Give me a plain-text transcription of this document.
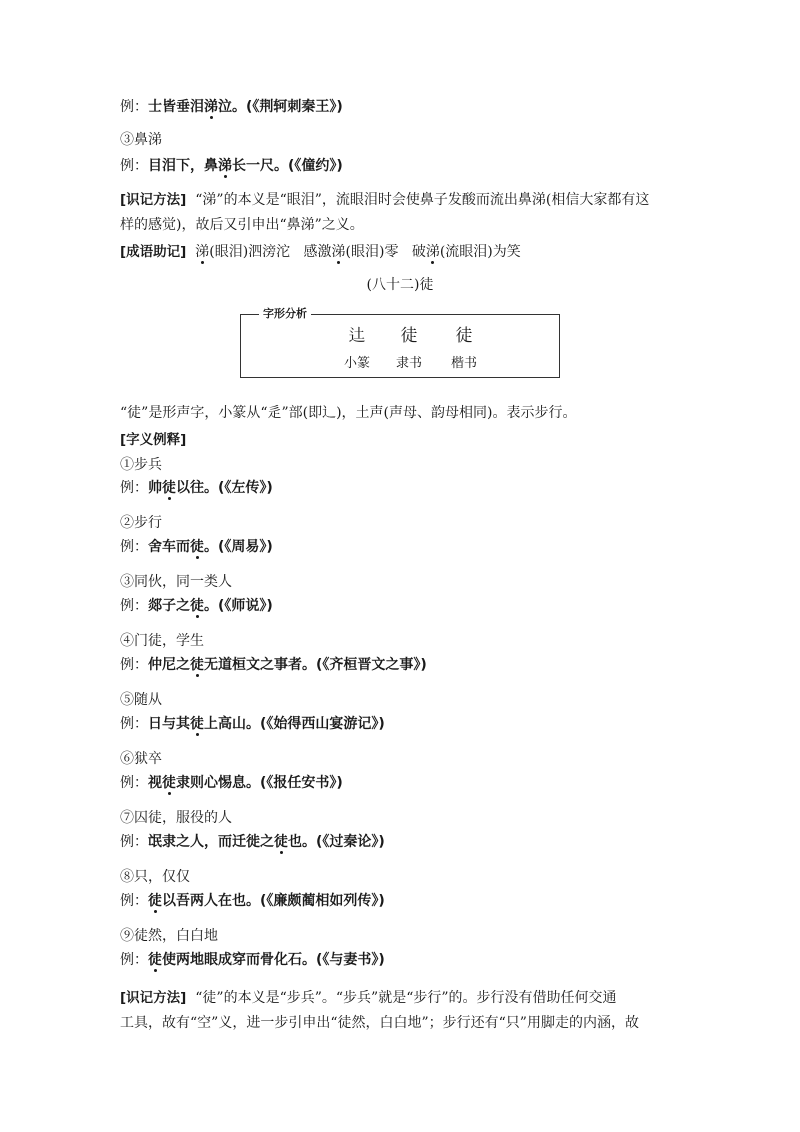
例：士皆垂泪涕泣。(《荆轲刺秦王》)
③鼻涕
例：目泪下，鼻涕长一尺。(《僮约》)
[识记方法] “涕”的本义是“眼泪”，流眼泪时会使鼻子发酸而流出鼻涕(相信大家都有这
样的感觉)，故后又引申出“鼻涕”之义。
[成语助记] 涕(眼泪)泗滂沱 感激涕(眼泪)零 破涕(流眼泪)为笑
(八十二)徒
字形分析
𨑒
小篆
徒
隶书
徒
楷书
“徒”是形声字，小篆从“辵”部(即辶)，土声(声母、韵母相同)。表示步行。
[字义例释]
①步兵
例：帅徒以往。(《左传》)
②步行
例：舍车而徒。(《周易》)
③同伙，同一类人
例：郯子之徒。(《师说》)
④门徒，学生
例：仲尼之徒无道桓文之事者。(《齐桓晋文之事》)
⑤随从
例：日与其徒上高山。(《始得西山宴游记》)
⑥狱卒
例：视徒隶则心惕息。(《报任安书》)
⑦囚徒，服役的人
例：氓隶之人，而迁徙之徒也。(《过秦论》)
⑧只，仅仅
例：徒以吾两人在也。(《廉颇蔺相如列传》)
⑨徒然，白白地
例：徒使两地眼成穿而骨化石。(《与妻书》)
[识记方法] “徒”的本义是“步兵”。“步兵”就是“步行”的。步行没有借助任何交通
工具，故有“空”义，进一步引申出“徒然，白白地”；步行还有“只”用脚走的内涵，故
